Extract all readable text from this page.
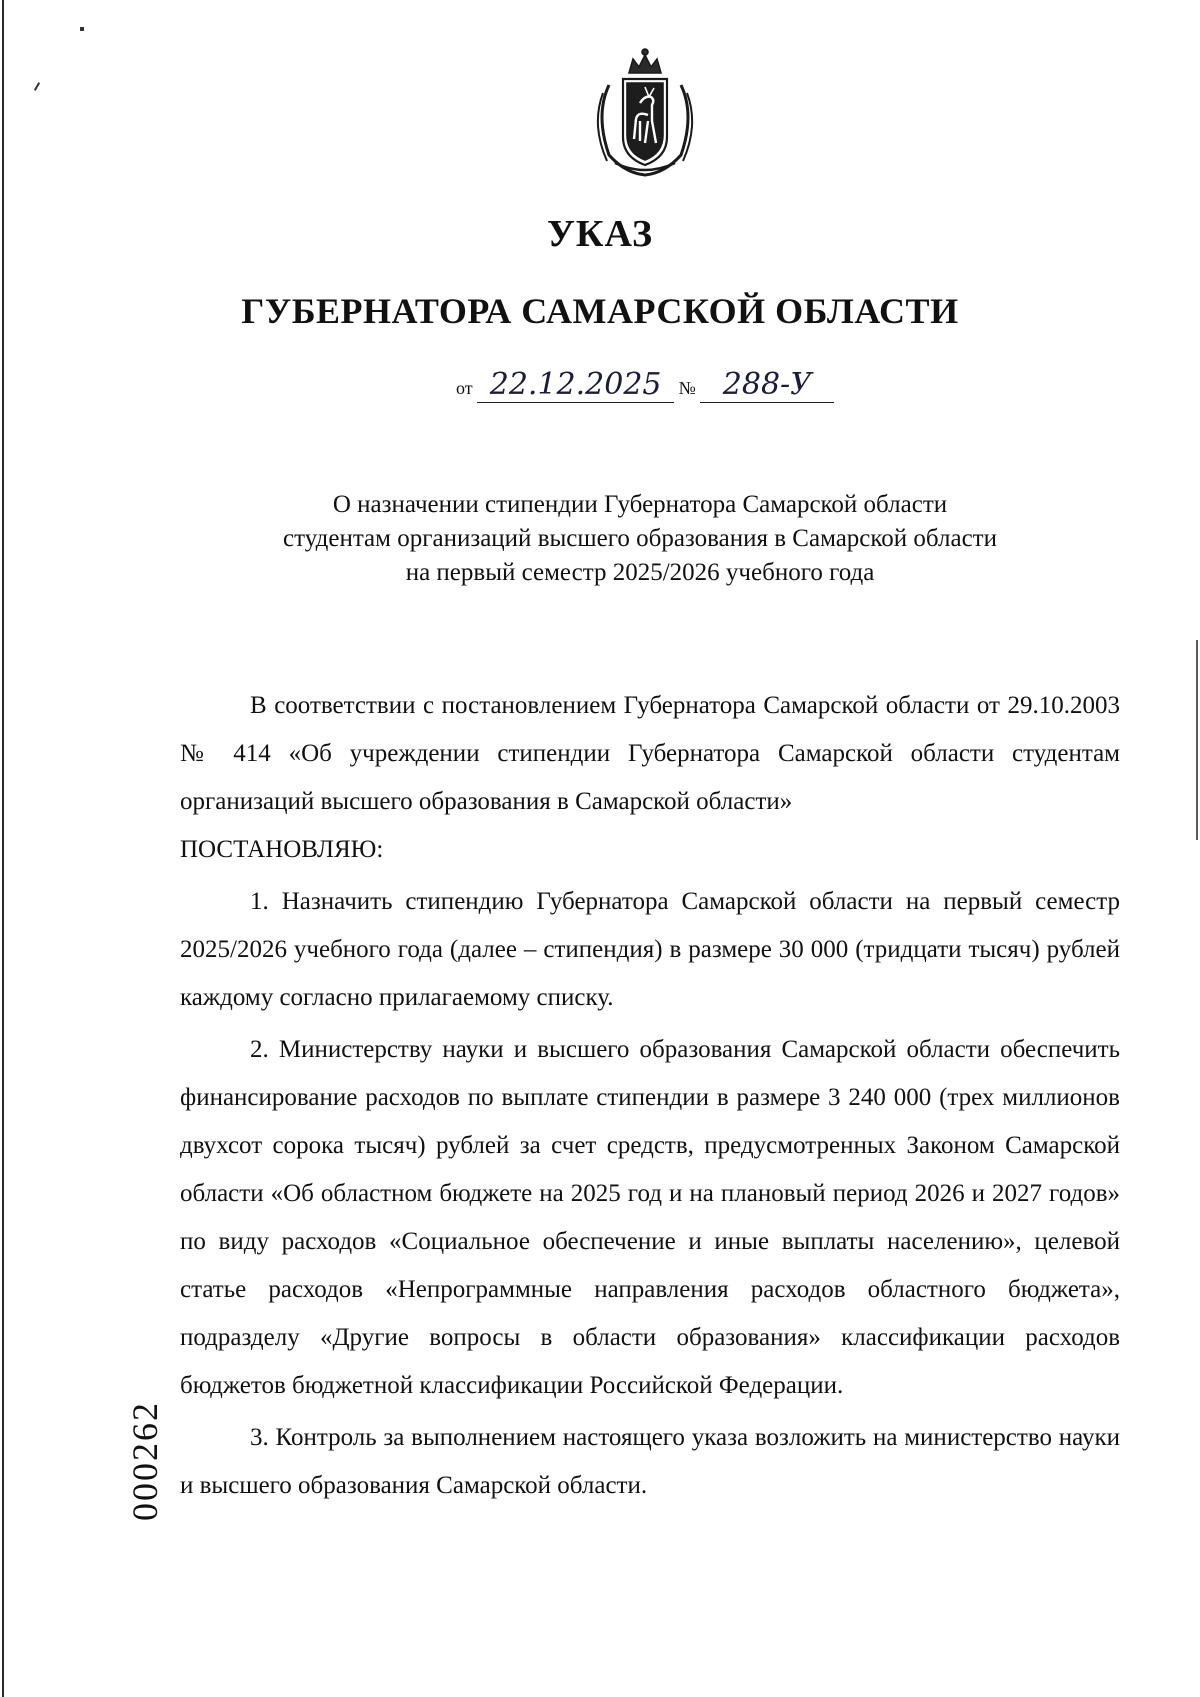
УКАЗ
ГУБЕРНАТОРА САМАРСКОЙ ОБЛАСТИ
от 22.12.2025 № 288-У
О назначении стипендии Губернатора Самарской области
студентам организаций высшего образования в Самарской области
на первый семестр 2025/2026 учебного года

В соответствии с постановлением Губернатора Самарской области от 29.10.2003 № 414 «Об учреждении стипендии Губернатора Самарской области студентам организаций высшего образования в Самарской области»

ПОСТАНОВЛЯЮ:

1. Назначить стипендию Губернатора Самарской области на первый семестр 2025/2026 учебного года (далее – стипендия) в размере 30 000 (тридцати тысяч) рублей каждому согласно прилагаемому списку.

2. Министерству науки и высшего образования Самарской области обеспечить финансирование расходов по выплате стипендии в размере 3 240 000 (трех миллионов двухсот сорока тысяч) рублей за счет средств, предусмотренных Законом Самарской области «Об областном бюджете на 2025 год и на плановый период 2026 и 2027 годов» по виду расходов «Социальное обеспечение и иные выплаты населению», целевой статье расходов «Непрограммные направления расходов областного бюджета», подразделу «Другие вопросы в области образования» классификации расходов бюджетов бюджетной классификации Российской Федерации.

3. Контроль за выполнением настоящего указа возложить на министерство науки и высшего образования Самарской области.

000262
